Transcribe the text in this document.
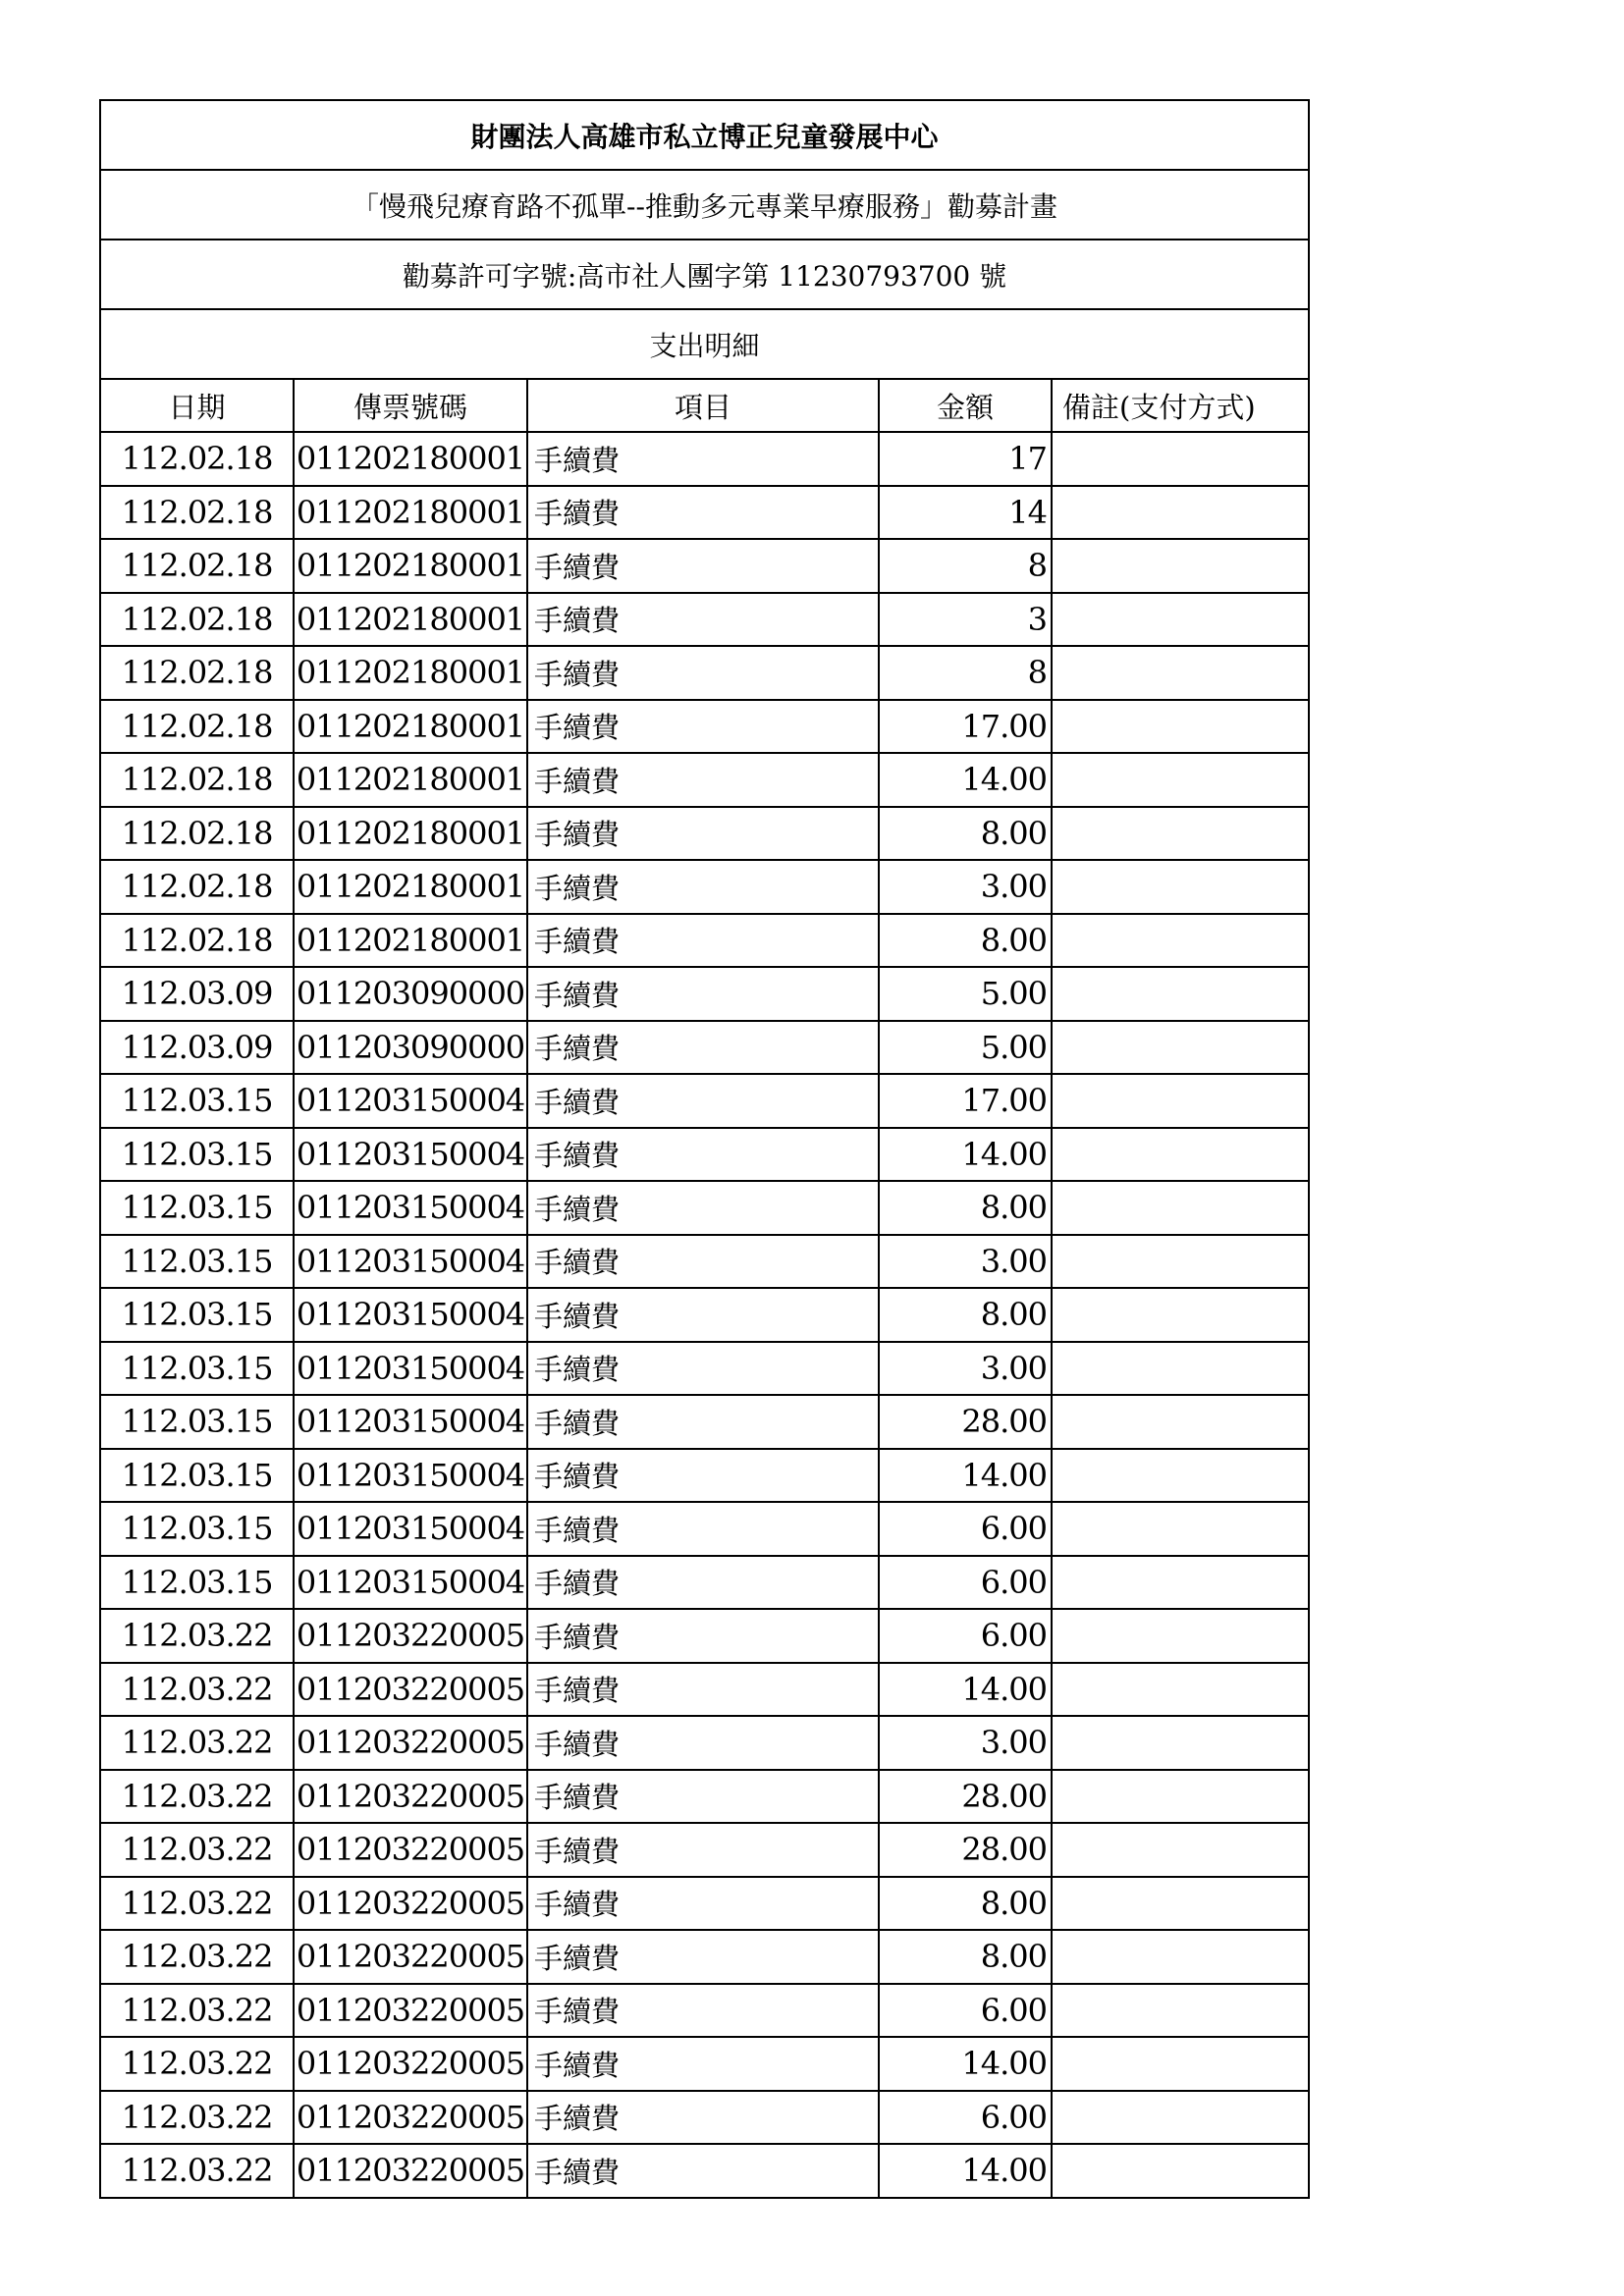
財團法人高雄市私立博正兒童發展中心				
「慢飛兒療育路不孤單--推動多元專業早療服務」勸募計畫				
勸募許可字號:高市社人團字第 11230793700 號				
支出明細				
日期	傳票號碼	項目	金額	備註(支付方式)
112.02.18	011202180001	手續費	17	
112.02.18	011202180001	手續費	14	
112.02.18	011202180001	手續費	8	
112.02.18	011202180001	手續費	3	
112.02.18	011202180001	手續費	8	
112.02.18	011202180001	手續費	17.00	
112.02.18	011202180001	手續費	14.00	
112.02.18	011202180001	手續費	8.00	
112.02.18	011202180001	手續費	3.00	
112.02.18	011202180001	手續費	8.00	
112.03.09	011203090000	手續費	5.00	
112.03.09	011203090000	手續費	5.00	
112.03.15	011203150004	手續費	17.00	
112.03.15	011203150004	手續費	14.00	
112.03.15	011203150004	手續費	8.00	
112.03.15	011203150004	手續費	3.00	
112.03.15	011203150004	手續費	8.00	
112.03.15	011203150004	手續費	3.00	
112.03.15	011203150004	手續費	28.00	
112.03.15	011203150004	手續費	14.00	
112.03.15	011203150004	手續費	6.00	
112.03.15	011203150004	手續費	6.00	
112.03.22	011203220005	手續費	6.00	
112.03.22	011203220005	手續費	14.00	
112.03.22	011203220005	手續費	3.00	
112.03.22	011203220005	手續費	28.00	
112.03.22	011203220005	手續費	28.00	
112.03.22	011203220005	手續費	8.00	
112.03.22	011203220005	手續費	8.00	
112.03.22	011203220005	手續費	6.00	
112.03.22	011203220005	手續費	14.00	
112.03.22	011203220005	手續費	6.00	
112.03.22	011203220005	手續費	14.00	
